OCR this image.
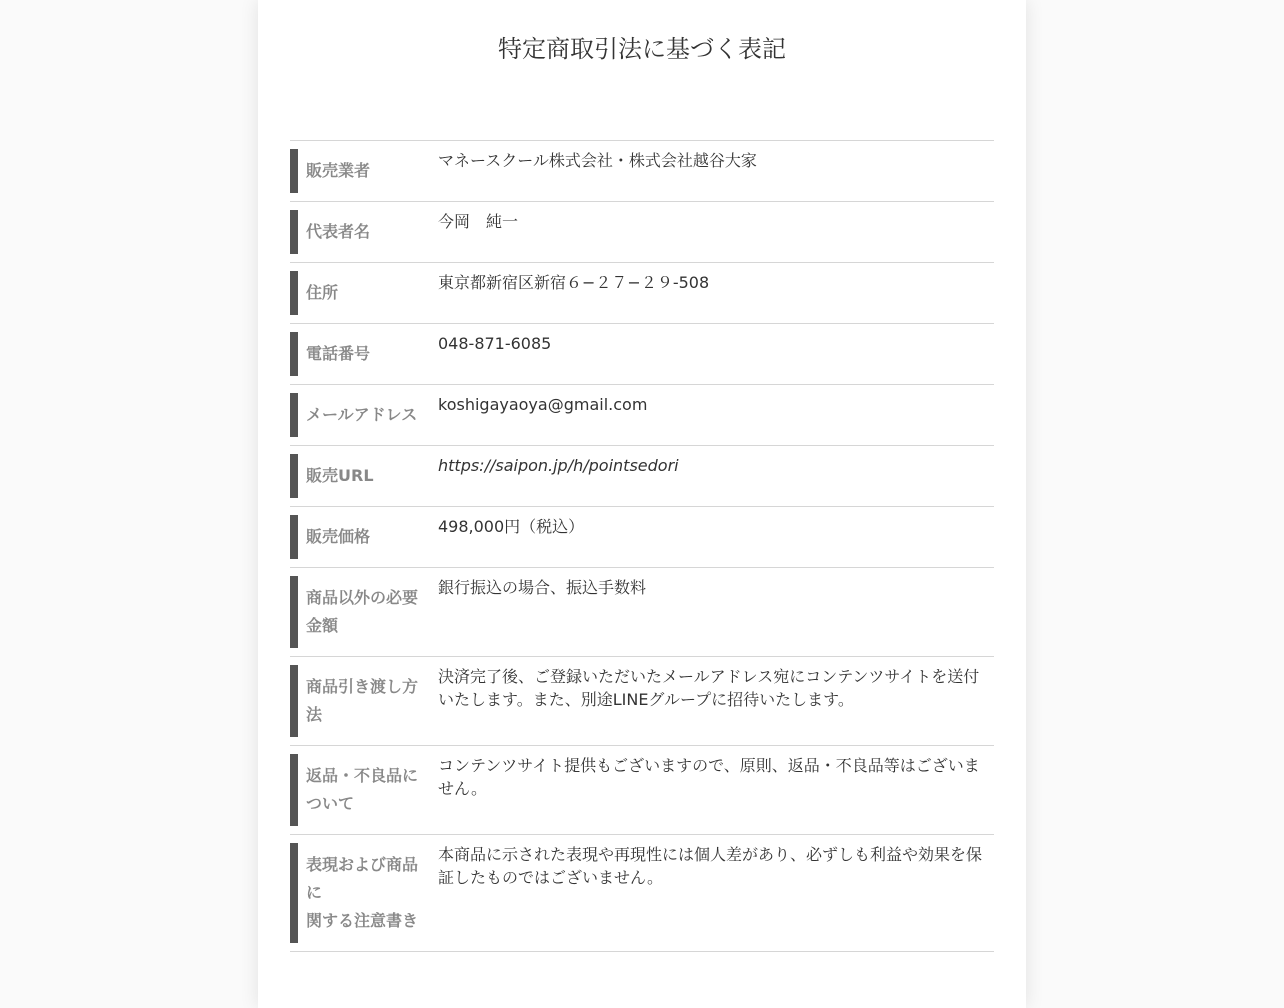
特定商取引法に基づく表記
販売業者
マネースクール株式会社・株式会社越谷大家
代表者名
今岡　純一
住所
東京都新宿区新宿６−２７−２９-508
電話番号
048-871-6085
メールアドレス
koshigayaoya@gmail.com
販売URL
https://saipon.jp/h/pointsedori
販売価格
498,000円（税込）
商品以外の必要金額
銀行振込の場合、振込手数料
商品引き渡し方法
決済完了後、ご登録いただいたメールアドレス宛にコンテンツサイトを送付いたします。また、別途LINEグループに招待いたします。
返品・不良品について
コンテンツサイト提供もございますので、原則、返品・不良品等はございません。
表現および商品に
関する注意書き
本商品に示された表現や再現性には個人差があり、必ずしも利益や効果を保証したものではございません。
